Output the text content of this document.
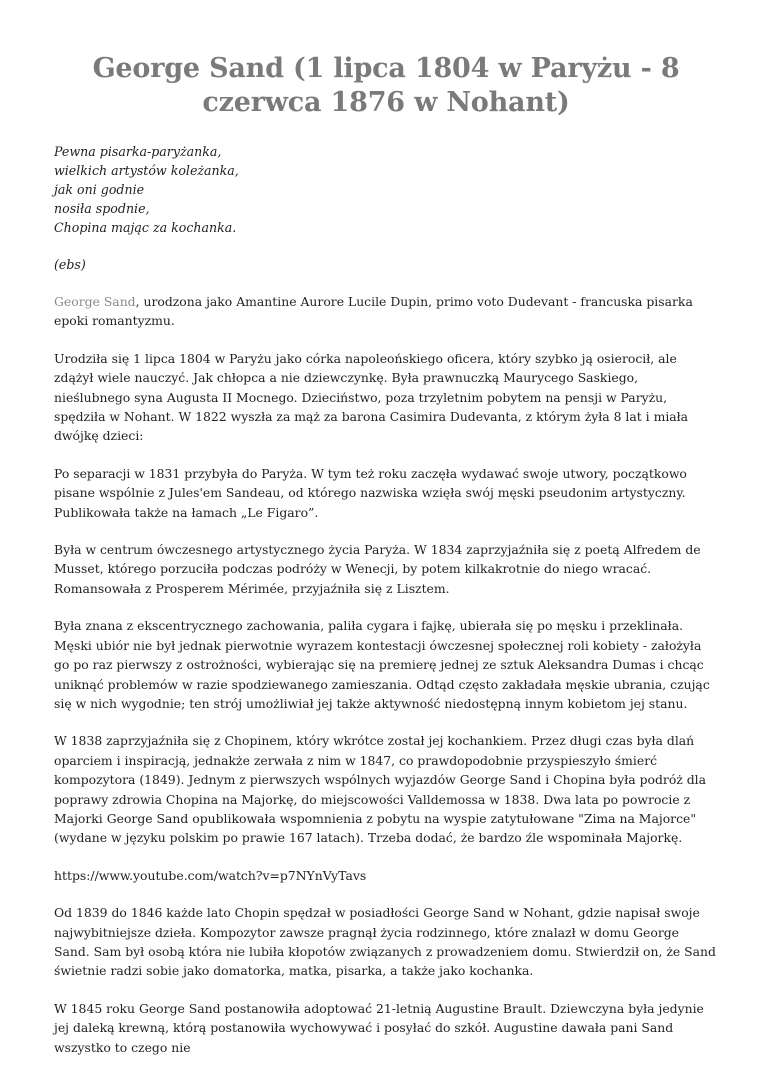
George Sand (1 lipca 1804 w Paryżu - 8 czerwca 1876 w Nohant)
Pewna pisarka-paryżanka,
wielkich artystów koleżanka,
jak oni godnie
nosiła spodnie,
Chopina mając za kochanka.
(ebs)

George Sand, urodzona jako Amantine Aurore Lucile Dupin, primo voto Dudevant - francuska pisarka epoki romantyzmu.

Urodziła się 1 lipca 1804 w Paryżu jako córka napoleońskiego oficera, który szybko ją osierocił, ale zdążył wiele nauczyć. Jak chłopca a nie dziewczynkę. Była prawnuczką Maurycego Saskiego, nieślubnego syna Augusta II Mocnego. Dzieciństwo, poza trzyletnim pobytem na pensji w Paryżu, spędziła w Nohant. W 1822 wyszła za mąż za barona Casimira Dudevanta, z którym żyła 8 lat i miała dwójkę dzieci:

Po separacji w 1831 przybyła do Paryża. W tym też roku zaczęła wydawać swoje utwory, początkowo pisane wspólnie z Jules'em Sandeau, od którego nazwiska wzięła swój męski pseudonim artystyczny. Publikowała także na łamach „Le Figaro”.

Była w centrum ówczesnego artystycznego życia Paryża. W 1834 zaprzyjaźniła się z poetą Alfredem de Musset, którego porzuciła podczas podróży w Wenecji, by potem kilkakrotnie do niego wracać. Romansowała z Prosperem Mérimée, przyjaźniła się z Lisztem.

Była znana z ekscentrycznego zachowania, paliła cygara i fajkę, ubierała się po męsku i przeklinała. Męski ubiór nie był jednak pierwotnie wyrazem kontestacji ówczesnej społecznej roli kobiety - założyła go po raz pierwszy z ostrożności, wybierając się na premierę jednej ze sztuk Aleksandra Dumas i chcąc uniknąć problemów w razie spodziewanego zamieszania. Odtąd często zakładała męskie ubrania, czując się w nich wygodnie; ten strój umożliwiał jej także aktywność niedostępną innym kobietom jej stanu.

W 1838 zaprzyjaźniła się z Chopinem, który wkrótce został jej kochankiem. Przez długi czas była dlań oparciem i inspiracją, jednakże zerwała z nim w 1847, co prawdopodobnie przyspieszyło śmierć kompozytora (1849). Jednym z pierwszych wspólnych wyjazdów George Sand i Chopina była podróż dla poprawy zdrowia Chopina na Majorkę, do miejscowości Valldemossa w 1838. Dwa lata po powrocie z Majorki George Sand opublikowała wspomnienia z pobytu na wyspie zatytułowane "Zima na Majorce" (wydane w języku polskim po prawie 167 latach). Trzeba dodać, że bardzo źle wspominała Majorkę.

https://www.youtube.com/watch?v=p7NYnVyTavs

Od 1839 do 1846 każde lato Chopin spędzał w posiadłości George Sand w Nohant, gdzie napisał swoje najwybitniejsze dzieła. Kompozytor zawsze pragnął życia rodzinnego, które znalazł w domu George Sand. Sam był osobą która nie lubiła kłopotów związanych z prowadzeniem domu. Stwierdził on, że Sand świetnie radzi sobie jako domatorka, matka, pisarka, a także jako kochanka.

W 1845 roku George Sand postanowiła adoptować 21-letnią Augustine Brault. Dziewczyna była jedynie jej daleką krewną, którą postanowiła wychowywać i posyłać do szkół. Augustine dawała pani Sand wszystko to czego nie
